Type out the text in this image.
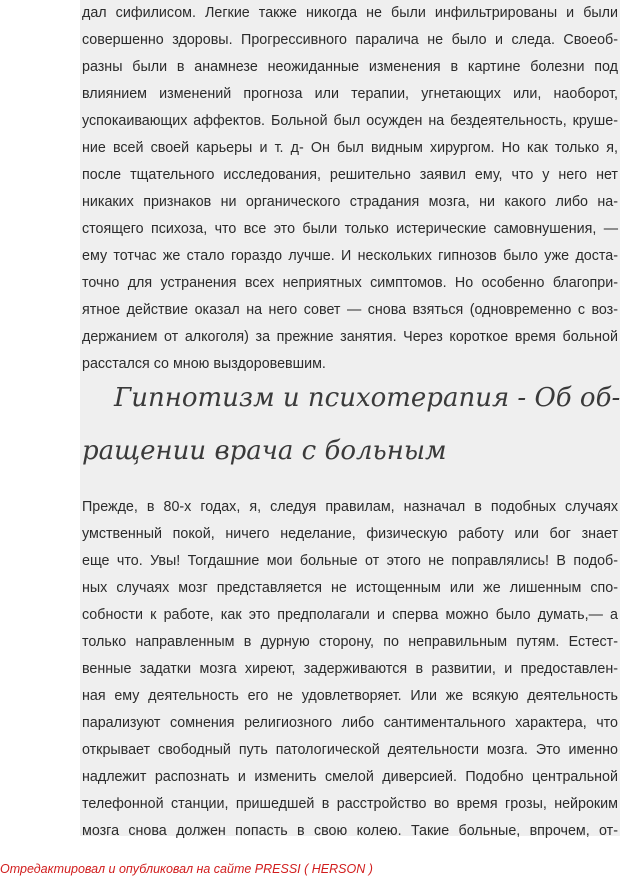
дал сифилисом. Легкие также никогда не были инфильтрированы и были
совершенно здоровы. Прогрессивного паралича не было и следа. Своеоб-
разны были в анамнезе неожиданные изменения в картине болезни под
влиянием изменений прогноза или терапии, угнетающих или, наоборот,
успокаивающих аффектов. Больной был осужден на бездеятельность, круше-
ние всей своей карьеры и т. д- Он был видным хирургом. Но как только я,
после тщательного исследования, решительно заявил ему, что у него нет
никаких признаков ни органического страдания мозга, ни какого либо на-
стоящего психоза, что все это были только истерические самовнушения, —
ему тотчас же стало гораздо лучше. И нескольких гипнозов было уже доста-
точно для устранения всех неприятных симптомов. Но особенно благопри-
ятное действие оказал на него совет — снова взяться (одновременно с воз-
держанием от алкоголя) за прежние занятия. Через короткое время больной
расстался со мною выздоровевшим.
Гипнотизм и психотерапия - Об об-
ращении врача с больным
Прежде, в 80-х годах, я, следуя правилам, назначал в подобных случаях
умственный покой, ничего неделание, физическую работу или бог знает
еще что. Увы! Тогдашние мои больные от этого не поправлялись! В подоб-
ных случаях мозг представляется не истощенным или же лишенным спо-
собности к работе, как это предполагали и сперва можно было думать,— а
только направленным в дурную сторону, по неправильным путям. Естест-
венные задатки мозга хиреют, задерживаются в развитии, и предоставлен-
ная ему деятельность его не удовлетворяет. Или же всякую деятельность
парализуют сомнения религиозного либо сантиментального характера, что
открывает свободный путь патологической деятельности мозга. Это именно
надлежит распознать и изменить смелой диверсией. Подобно центральной
телефонной станции, пришедшей в расстройство во время грозы, нейроким
мозга снова должен попасть в свою колею. Такие больные, впрочем, от-

Отредактировал и опубликовал на сайте PRESSI ( HERSON )
